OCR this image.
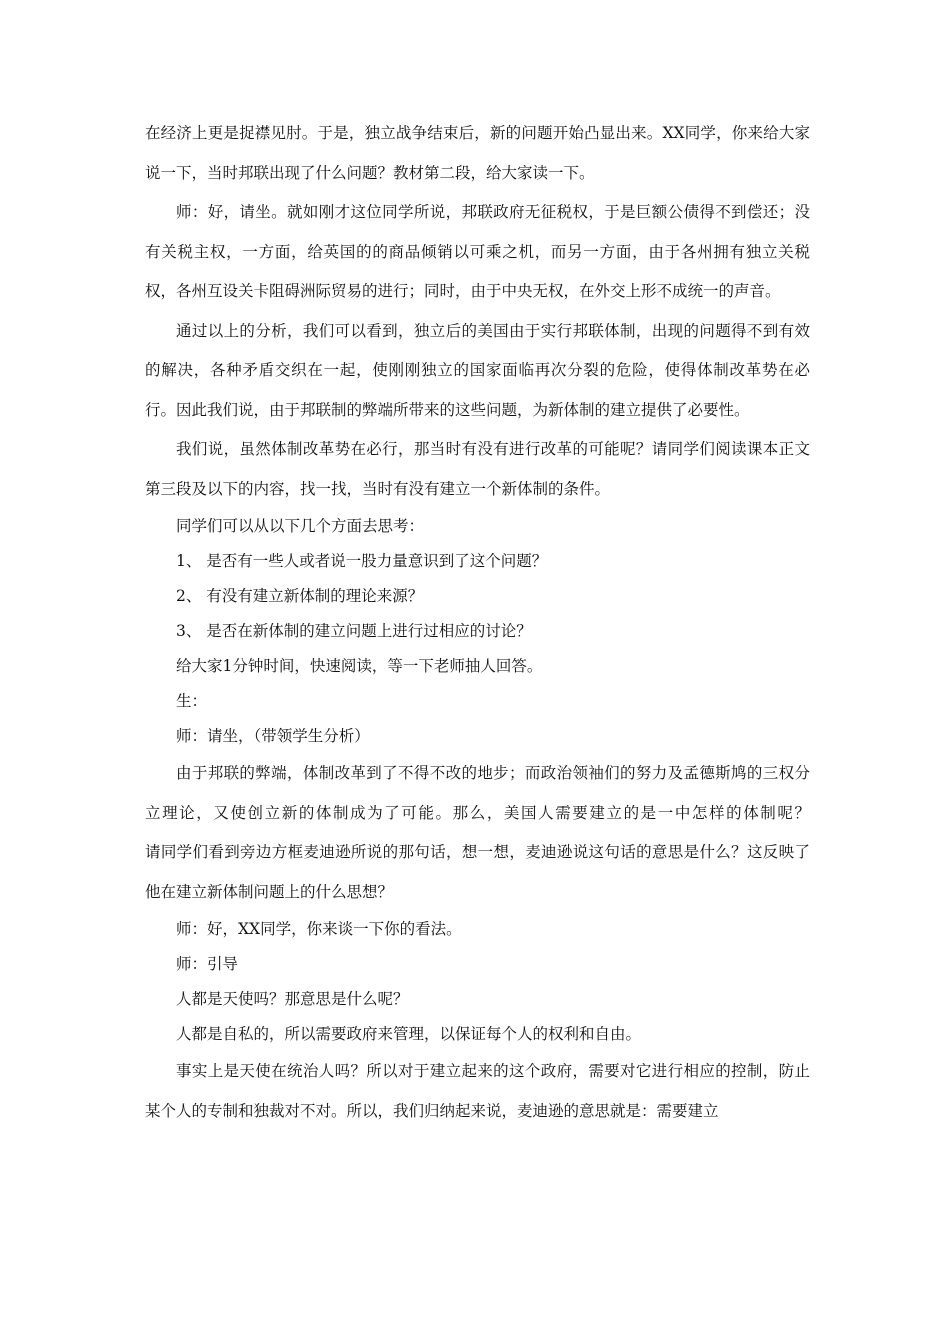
在经济上更是捉襟见肘。于是，独立战争结束后，新的问题开始凸显出来。XX同学，你来给大家说一下，当时邦联出现了什么问题？教材第二段，给大家读一下。

师：好，请坐。就如刚才这位同学所说，邦联政府无征税权，于是巨额公债得不到偿还；没有关税主权，一方面，给英国的的商品倾销以可乘之机，而另一方面，由于各州拥有独立关税权，各州互设关卡阻碍洲际贸易的进行；同时，由于中央无权，在外交上形不成统一的声音。

通过以上的分析，我们可以看到，独立后的美国由于实行邦联体制，出现的问题得不到有效的解决，各种矛盾交织在一起，使刚刚独立的国家面临再次分裂的危险，使得体制改革势在必行。因此我们说，由于邦联制的弊端所带来的这些问题，为新体制的建立提供了必要性。

我们说，虽然体制改革势在必行，那当时有没有进行改革的可能呢？请同学们阅读课本正文第三段及以下的内容，找一找，当时有没有建立一个新体制的条件。

同学们可以从以下几个方面去思考：

1、 是否有一些人或者说一股力量意识到了这个问题？

2、 有没有建立新体制的理论来源？

3、 是否在新体制的建立问题上进行过相应的讨论？

给大家1分钟时间，快速阅读，等一下老师抽人回答。

生：

师：请坐，（带领学生分析）

由于邦联的弊端，体制改革到了不得不改的地步；而政治领袖们的努力及孟德斯鸠的三权分立理论，又使创立新的体制成为了可能。那么，美国人需要建立的是一中怎样的体制呢？　　　请同学们看到旁边方框麦迪逊所说的那句话，想一想，麦迪逊说这句话的意思是什么？这反映了他在建立新体制问题上的什么思想？

师：好，XX同学，你来谈一下你的看法。

师：引导

人都是天使吗？那意思是什么呢？

人都是自私的，所以需要政府来管理，以保证每个人的权利和自由。

事实上是天使在统治人吗？所以对于建立起来的这个政府，需要对它进行相应的控制，防止某个人的专制和独裁对不对。所以，我们归纳起来说，麦迪逊的意思就是：需要建立
